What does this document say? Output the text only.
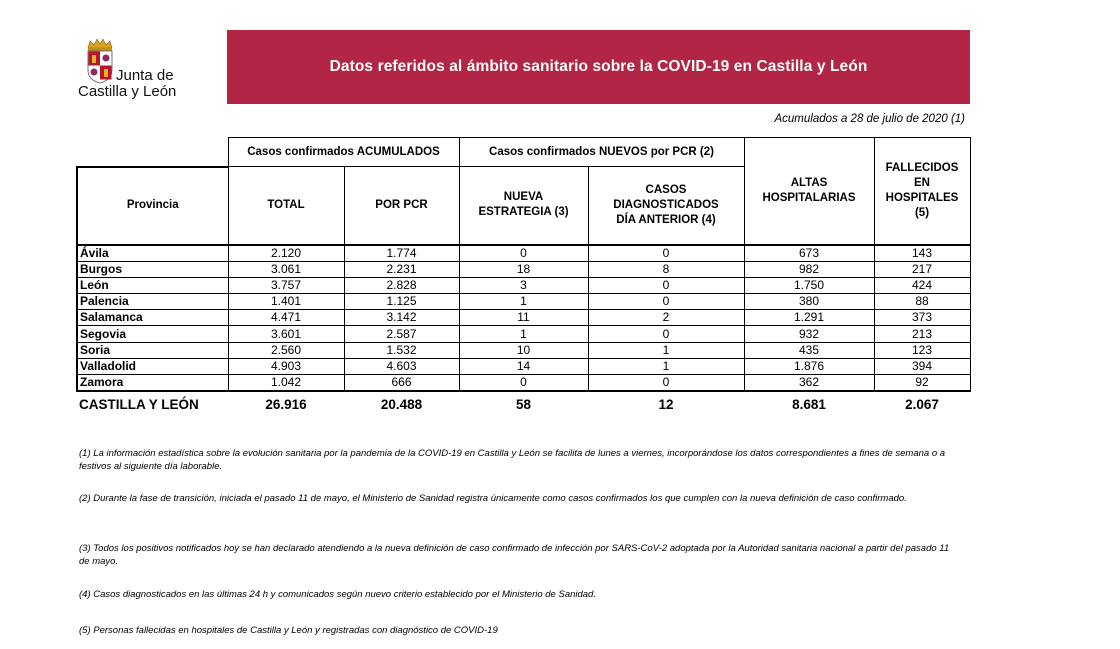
Junta de
Castilla y León
Datos referidos al ámbito sanitario sobre la COVID-19 en Castilla y León
Acumulados a 28 de julio de 2020 (1)
	Casos confirmados ACUMULADOS		Casos confirmados NUEVOS por PCR (2)		ALTAS HOSPITALARIAS	FALLECIDOS EN HOSPITALES (5)

Provincia	TOTAL	POR PCR	NUEVA ESTRATEGIA (3)	CASOS DIAGNOSTICADOS DÍA ANTERIOR (4)		

Ávila	2.120	1.774	0	0	673	143
Burgos	3.061	2.231	18	8	982	217
León	3.757	2.828	3	0	1.750	424
Palencia	1.401	1.125	1	0	380	88
Salamanca	4.471	3.142	11	2	1.291	373
Segovia	3.601	2.587	1	0	932	213
Soria	2.560	1.532	10	1	435	123
Valladolid	4.903	4.603	14	1	1.876	394
Zamora	1.042	666	0	0	362	92
CASTILLA Y LEÓN	26.916	20.488	58	12	8.681	2.067
(1) La información estadística sobre la evolución sanitaria por la pandemia de la COVID-19 en Castilla y León se facilita de lunes a viernes, incorporándose los datos correspondientes a fines de semana o a festivos al siguiente día laborable.
(2) Durante la fase de transición, iniciada el pasado 11 de mayo, el Ministerio de Sanidad registra únicamente como casos confirmados los que cumplen con la nueva definición de caso confirmado.
(3) Todos los positivos notificados hoy se han declarado atendiendo a la nueva definición de caso confirmado de infección por SARS-CoV-2 adoptada por la Autoridad sanitaria nacional a partir del pasado 11 de mayo.
(4) Casos diagnosticados en las últimas 24 h y comunicados según nuevo criterio establecido por el Ministerio de Sanidad.
(5) Personas fallecidas en hospitales de Castilla y León y registradas con diagnóstico de COVID-19
